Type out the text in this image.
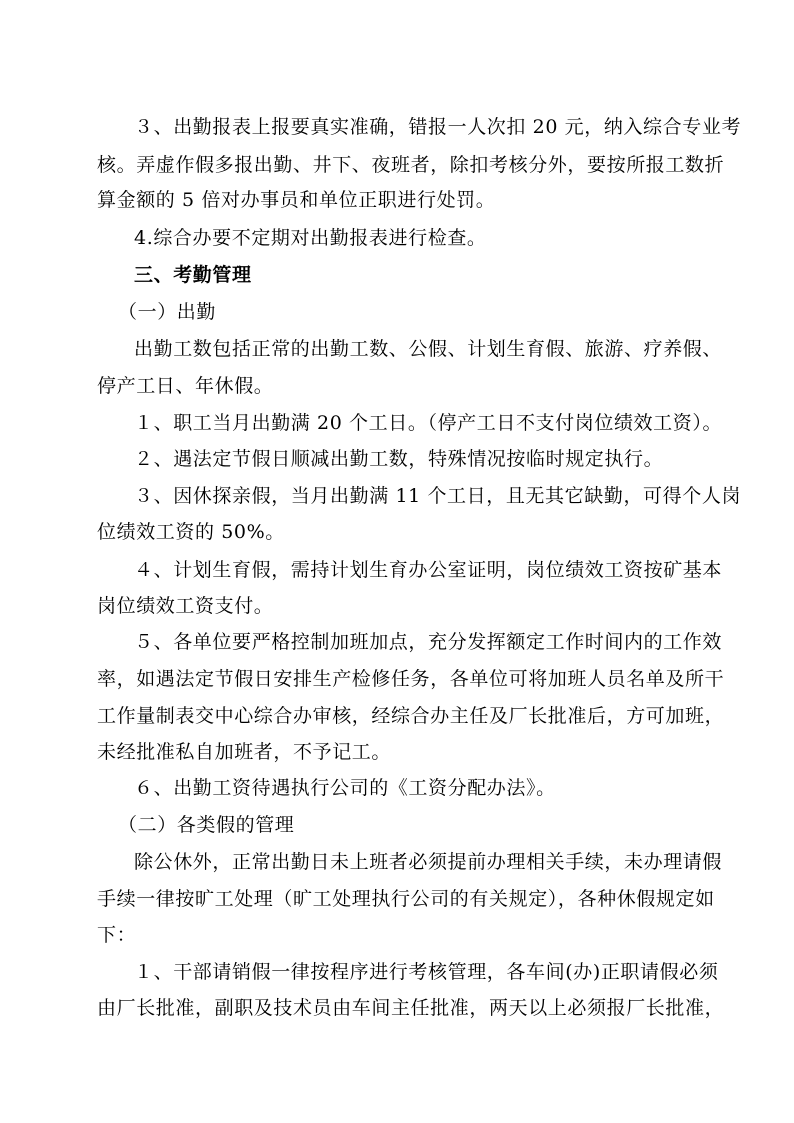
３、出勤报表上报要真实准确，错报一人次扣 20 元，纳入综合专业考
核。弄虚作假多报出勤、井下、夜班者，除扣考核分外，要按所报工数折
算金额的 5 倍对办事员和单位正职进行处罚。
4.综合办要不定期对出勤报表进行检查。
三、考勤管理
（一）出勤
出勤工数包括正常的出勤工数、公假、计划生育假、旅游、疗养假、
停产工日、年休假。
１、职工当月出勤满 20 个工日。（停产工日不支付岗位绩效工资）。
２、遇法定节假日顺减出勤工数，特殊情况按临时规定执行。
３、因休探亲假，当月出勤满 11 个工日，且无其它缺勤，可得个人岗
位绩效工资的 50%。
４、计划生育假，需持计划生育办公室证明，岗位绩效工资按矿基本
岗位绩效工资支付。
５、各单位要严格控制加班加点，充分发挥额定工作时间内的工作效
率，如遇法定节假日安排生产检修任务，各单位可将加班人员名单及所干
工作量制表交中心综合办审核，经综合办主任及厂长批准后，方可加班，
未经批准私自加班者，不予记工。
６、出勤工资待遇执行公司的《工资分配办法》。
（二）各类假的管理
除公休外，正常出勤日未上班者必须提前办理相关手续，未办理请假
手续一律按旷工处理（旷工处理执行公司的有关规定），各种休假规定如
下：
１、干部请销假一律按程序进行考核管理，各车间(办)正职请假必须
由厂长批准，副职及技术员由车间主任批准，两天以上必须报厂长批准，
